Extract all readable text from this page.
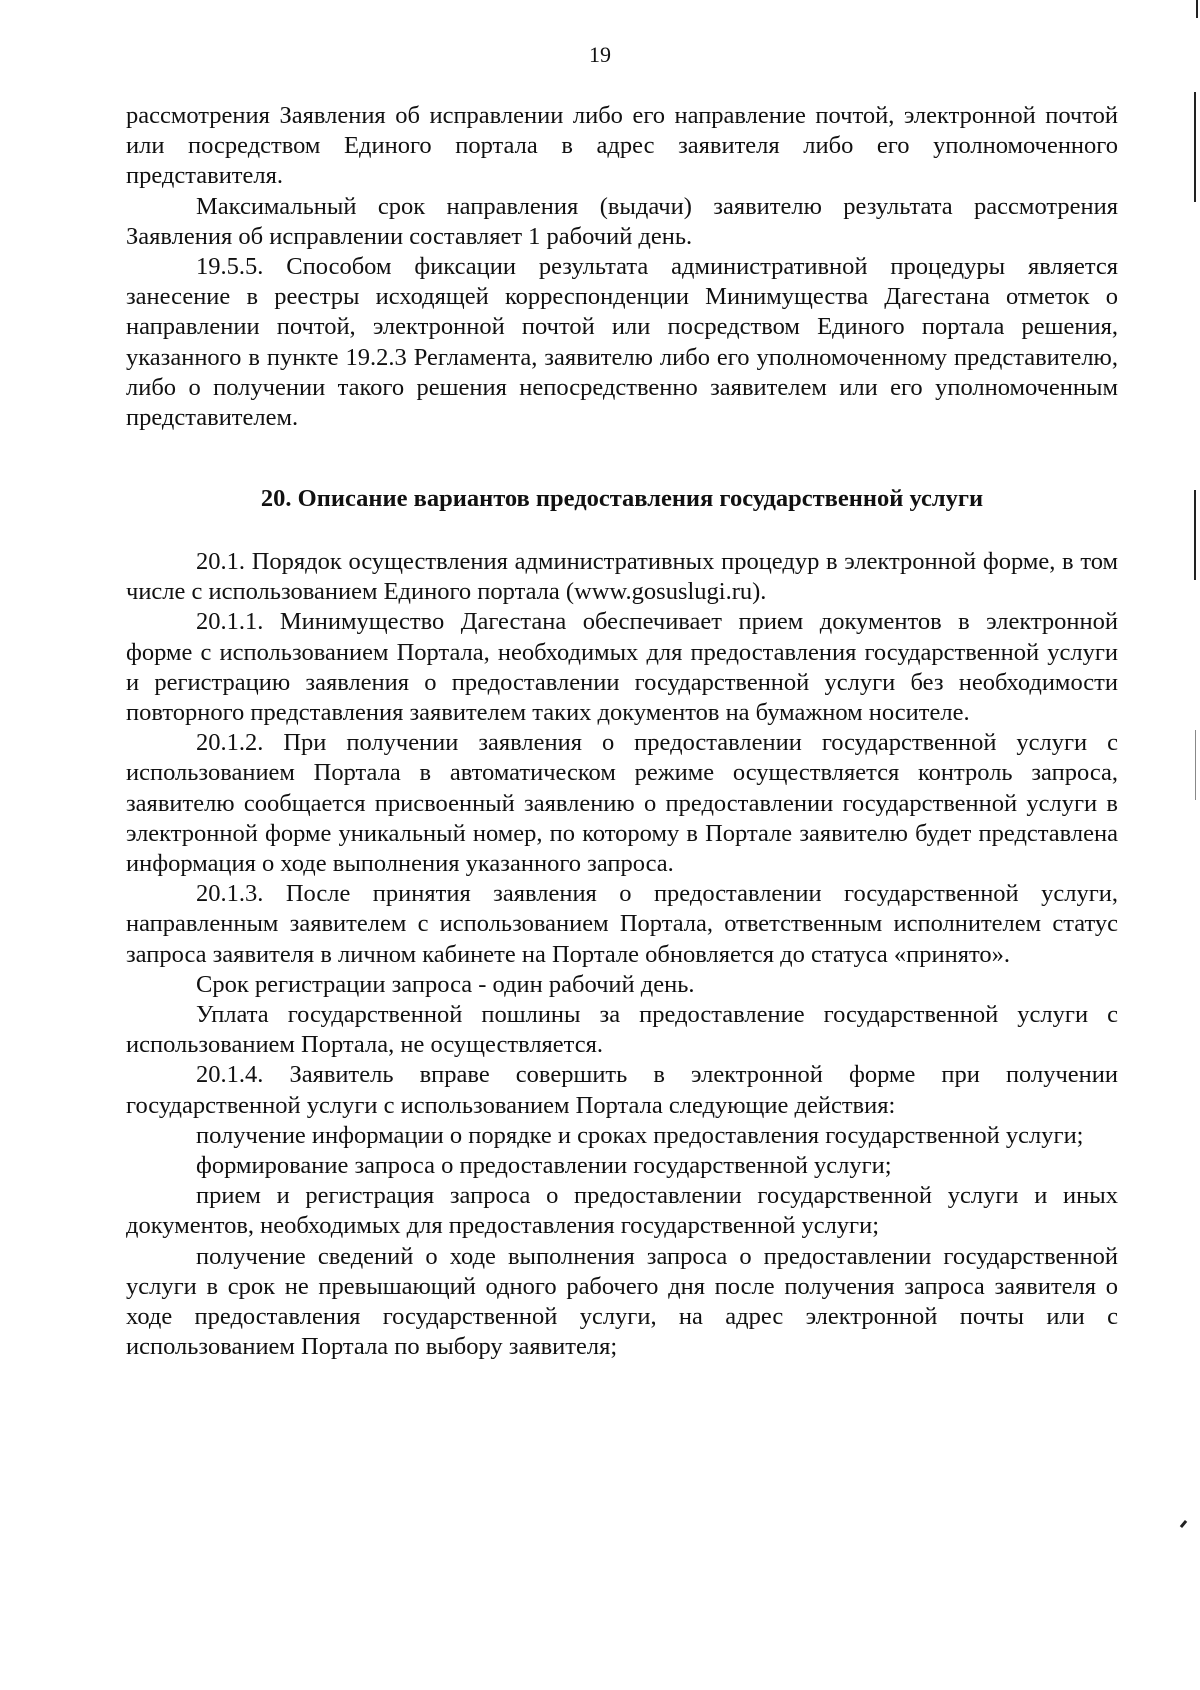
19

рассмотрения Заявления об исправлении либо его направление почтой, электронной почтой или посредством Единого портала в адрес заявителя либо его уполномоченного представителя.

Максимальный срок направления (выдачи) заявителю результата рассмотрения Заявления об исправлении составляет 1 рабочий день.

19.5.5. Способом фиксации результата административной процедуры является занесение в реестры исходящей корреспонденции Минимущества Дагестана отметок о направлении почтой, электронной почтой или посредством Единого портала решения, указанного в пункте 19.2.3 Регламента, заявителю либо его уполномоченному представителю, либо о получении такого решения непосредственно заявителем или его уполномоченным представителем.

20. Описание вариантов предоставления государственной услуги

20.1. Порядок осуществления административных процедур в электронной форме, в том числе с использованием Единого портала (www.gosuslugi.ru).

20.1.1. Минимущество Дагестана обеспечивает прием документов в электронной форме с использованием Портала, необходимых для предоставления государственной услуги и регистрацию заявления о предоставлении государственной услуги без необходимости повторного представления заявителем таких документов на бумажном носителе.

20.1.2. При получении заявления о предоставлении государственной услуги с использованием Портала в автоматическом режиме осуществляется контроль запроса, заявителю сообщается присвоенный заявлению о предоставлении государственной услуги в электронной форме уникальный номер, по которому в Портале заявителю будет представлена информация о ходе выполнения указанного запроса.

20.1.3. После принятия заявления о предоставлении государственной услуги, направленным заявителем с использованием Портала, ответственным исполнителем статус запроса заявителя в личном кабинете на Портале обновляется до статуса «принято».

Срок регистрации запроса - один рабочий день.

Уплата государственной пошлины за предоставление государственной услуги с использованием Портала, не осуществляется.

20.1.4. Заявитель вправе совершить в электронной форме при получении государственной услуги с использованием Портала следующие действия:

получение информации о порядке и сроках предоставления государственной услуги;

формирование запроса о предоставлении государственной услуги;

прием и регистрация запроса о предоставлении государственной услуги и иных документов, необходимых для предоставления государственной услуги;

получение сведений о ходе выполнения запроса о предоставлении государственной услуги в срок не превышающий одного рабочего дня после получения запроса заявителя о ходе предоставления государственной услуги, на адрес электронной почты или с использованием Портала по выбору заявителя;
